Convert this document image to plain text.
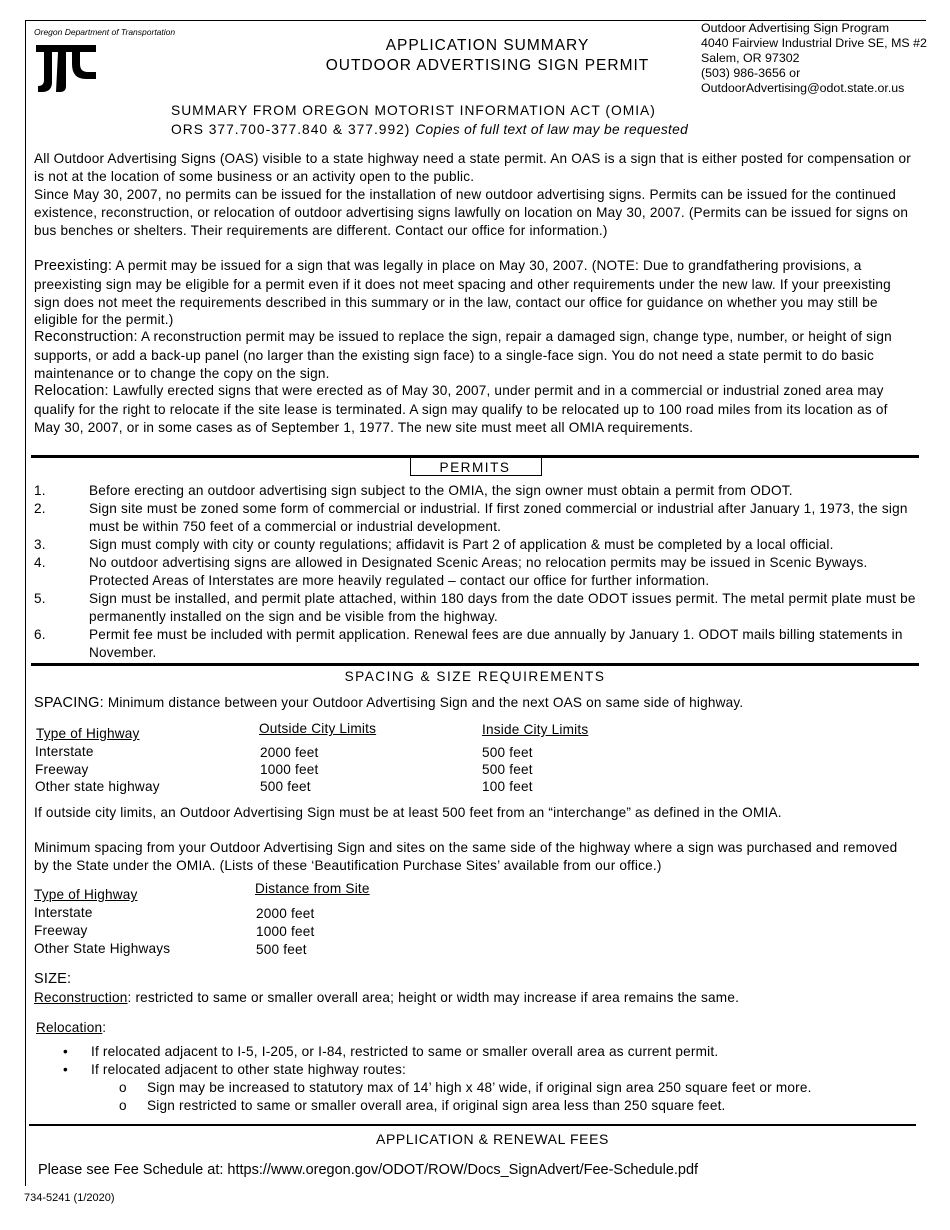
Oregon Department of Transportation
APPLICATION SUMMARY
OUTDOOR ADVERTISING SIGN PERMIT
Outdoor Advertising Sign Program
4040 Fairview Industrial Drive SE, MS #2
Salem, OR 97302
(503) 986-3656 or
OutdoorAdvertising@odot.state.or.us
SUMMARY FROM OREGON MOTORIST INFORMATION ACT (OMIA)
ORS 377.700-377.840 & 377.992) Copies of full text of law may be requested

All Outdoor Advertising Signs (OAS) visible to a state highway need a state permit. An OAS is a sign that is either posted for compensation or is not at the location of some business or an activity open to the public.

Since May 30, 2007, no permits can be issued for the installation of new outdoor advertising signs. Permits can be issued for the continued existence, reconstruction, or relocation of outdoor advertising signs lawfully on location on May 30, 2007. (Permits can be issued for signs on bus benches or shelters. Their requirements are different. Contact our office for information.)

Preexisting: A permit may be issued for a sign that was legally in place on May 30, 2007. (NOTE: Due to grandfathering provisions, a preexisting sign may be eligible for a permit even if it does not meet spacing and other requirements under the new law. If your preexisting sign does not meet the requirements described in this summary or in the law, contact our office for guidance on whether you may still be eligible for the permit.)

Reconstruction: A reconstruction permit may be issued to replace the sign, repair a damaged sign, change type, number, or height of sign supports, or add a back-up panel (no larger than the existing sign face) to a single-face sign. You do not need a state permit to do basic maintenance or to change the copy on the sign.

Relocation: Lawfully erected signs that were erected as of May 30, 2007, under permit and in a commercial or industrial zoned area may qualify for the right to relocate if the site lease is terminated. A sign may qualify to be relocated up to 100 road miles from its location as of May 30, 2007, or in some cases as of September 1, 1977. The new site must meet all OMIA requirements.

PERMITS
1.	Before erecting an outdoor advertising sign subject to the OMIA, the sign owner must obtain a permit from ODOT.
2.	Sign site must be zoned some form of commercial or industrial. If first zoned commercial or industrial after January 1, 1973, the sign must be within 750 feet of a commercial or industrial development.
3.	Sign must comply with city or county regulations; affidavit is Part 2 of application & must be completed by a local official.
4.	No outdoor advertising signs are allowed in Designated Scenic Areas; no relocation permits may be issued in Scenic Byways. Protected Areas of Interstates are more heavily regulated – contact our office for further information.
5.	Sign must be installed, and permit plate attached, within 180 days from the date ODOT issues permit. The metal permit plate must be permanently installed on the sign and be visible from the highway.
6.	Permit fee must be included with permit application. Renewal fees are due annually by January 1. ODOT mails billing statements in November.
SPACING & SIZE REQUIREMENTS
SPACING: Minimum distance between your Outdoor Advertising Sign and the next OAS on same side of highway.
Type of Highway	Outside City Limits	Inside City Limits
Interstate	2000 feet	500 feet
Freeway	1000 feet	500 feet
Other state highway	500 feet	100 feet

If outside city limits, an Outdoor Advertising Sign must be at least 500 feet from an “interchange” as defined in the OMIA.

Minimum spacing from your Outdoor Advertising Sign and sites on the same side of the highway where a sign was purchased and removed by the State under the OMIA. (Lists of these ‘Beautification Purchase Sites’ available from our office.)

Type of Highway	Distance from Site
Interstate	2000 feet
Freeway	1000 feet
Other State Highways	500 feet
SIZE:
Reconstruction: restricted to same or smaller overall area; height or width may increase if area remains the same.
Relocation:
• If relocated adjacent to I-5, I-205, or I-84, restricted to same or smaller overall area as current permit.
• If relocated adjacent to other state highway routes:
o Sign may be increased to statutory max of 14’ high x 48’ wide, if original sign area 250 square feet or more.
o Sign restricted to same or smaller overall area, if original sign area less than 250 square feet.
APPLICATION & RENEWAL FEES
Please see Fee Schedule at: https://www.oregon.gov/ODOT/ROW/Docs_SignAdvert/Fee-Schedule.pdf
734-5241 (1/2020)
